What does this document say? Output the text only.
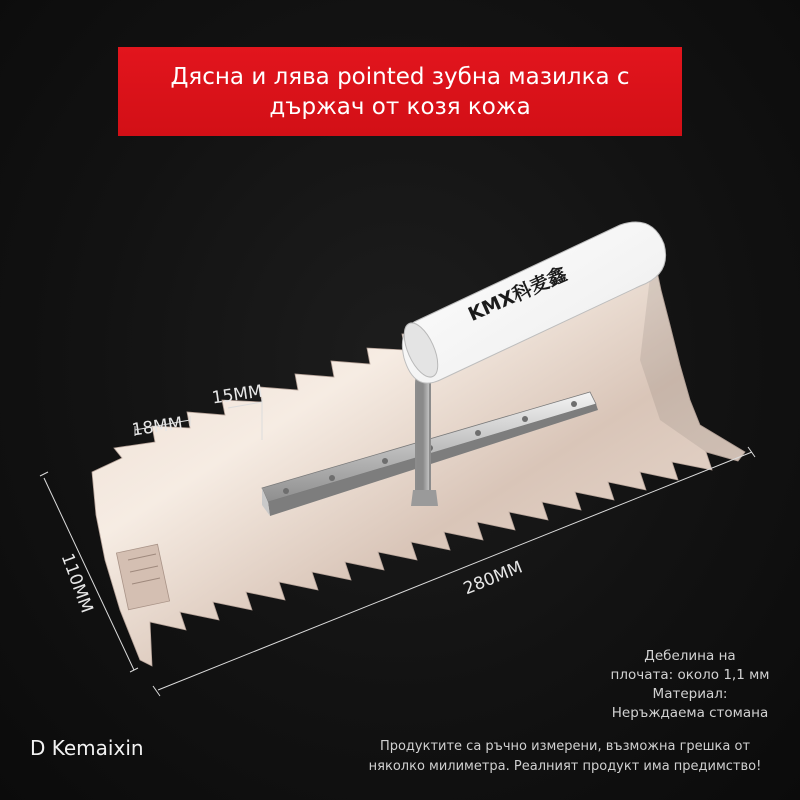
Дясна и лява pointed зубна мазилка с държач от козя кожа
KMX科麦鑫
18MM
15MM
110MM	280MM
Дебелина на
плочата: около 1,1 мм
Материал:
Неръждаема стомана
D Kemaixin	Продуктите са ръчно измерени, възможна грешка от
няколко милиметра. Реалният продукт има предимство!
